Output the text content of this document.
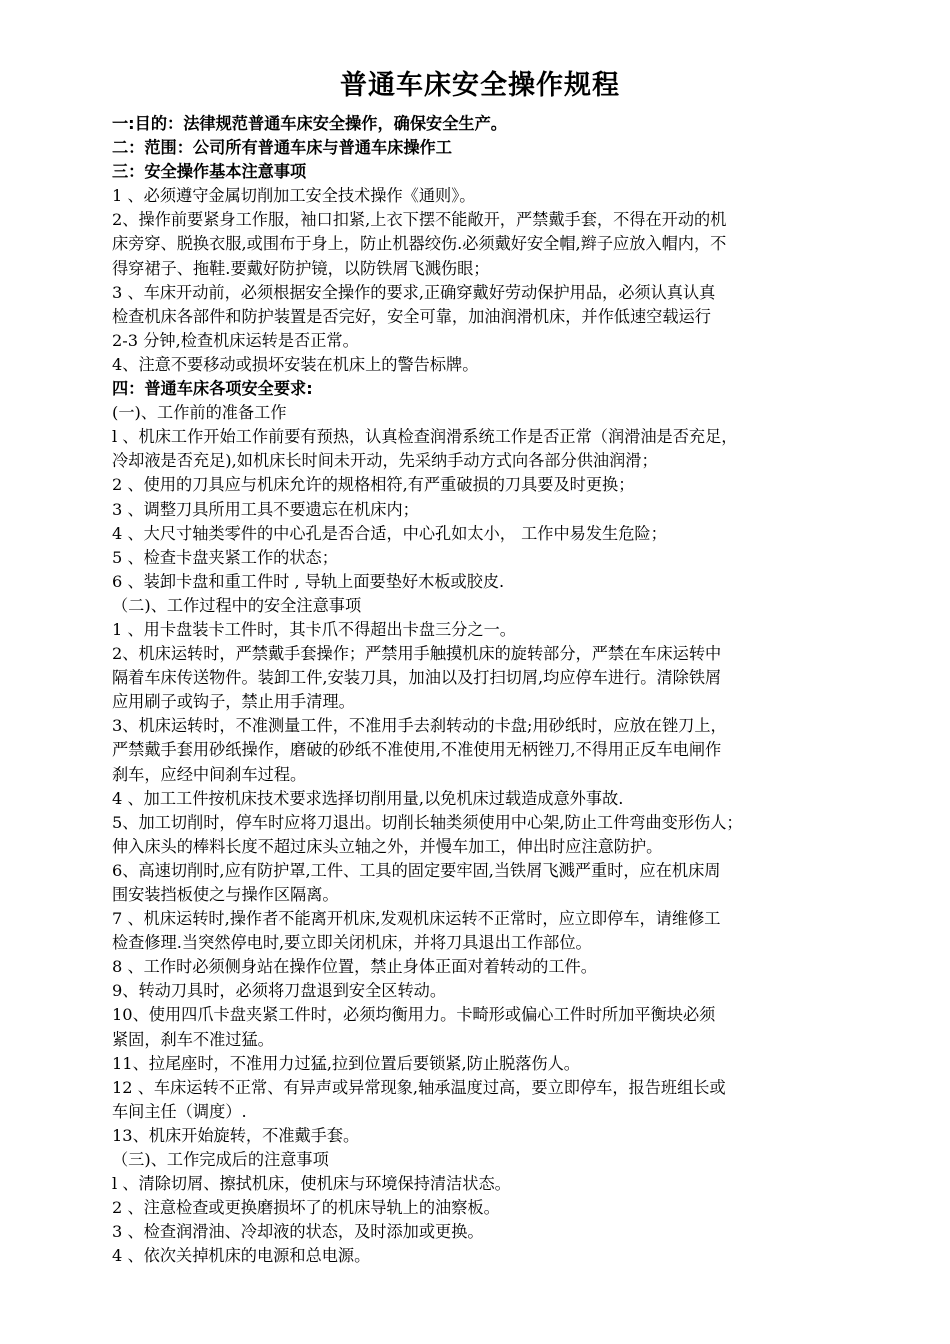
普通车床安全操作规程
一:目的：法律规范普通车床安全操作，确保安全生产。
二：范围：公司所有普通车床与普通车床操作工
三：安全操作基本注意事项
1 、必须遵守金属切削加工安全技术操作《通则》。
2、操作前要紧身工作服，袖口扣紧,上衣下摆不能敞开，严禁戴手套，不得在开动的机
床旁穿、脱换衣服,或围布于身上，防止机器绞伤.必须戴好安全帽,辫子应放入帽内，不
得穿裙子、拖鞋.要戴好防护镜，以防铁屑飞溅伤眼；
3 、车床开动前，必须根据安全操作的要求,正确穿戴好劳动保护用品，必须认真认真
检查机床各部件和防护装置是否完好，安全可靠，加油润滑机床，并作低速空载运行
2-3 分钟,检查机床运转是否正常。
4、注意不要移动或损坏安装在机床上的警告标牌。
四：普通车床各项安全要求:
(一)、工作前的准备工作
l 、机床工作开始工作前要有预热，认真检查润滑系统工作是否正常（润滑油是否充足，
冷却液是否充足),如机床长时间未开动，先采纳手动方式向各部分供油润滑；
2 、使用的刀具应与机床允许的规格相符,有严重破损的刀具要及时更换；
3 、调整刀具所用工具不要遗忘在机床内；
4 、大尺寸轴类零件的中心孔是否合适，中心孔如太小， 工作中易发生危险；
5 、检查卡盘夹紧工作的状态；
6 、装卸卡盘和重工件时 , 导轨上面要垫好木板或胶皮.
（二)、工作过程中的安全注意事项
1 、用卡盘装卡工件时，其卡爪不得超出卡盘三分之一。
2、机床运转时，严禁戴手套操作；严禁用手触摸机床的旋转部分，严禁在车床运转中
隔着车床传送物件。装卸工件,安装刀具，加油以及打扫切屑,均应停车进行。清除铁屑
应用刷子或钩子，禁止用手清理。
3、机床运转时，不准测量工件，不准用手去刹转动的卡盘;用砂纸时，应放在锉刀上，
严禁戴手套用砂纸操作，磨破的砂纸不准使用,不准使用无柄锉刀,不得用正反车电闸作
刹车，应经中间刹车过程。
4 、加工工件按机床技术要求选择切削用量,以免机床过载造成意外事故.
5、加工切削时，停车时应将刀退出。切削长轴类须使用中心架,防止工件弯曲变形伤人；
伸入床头的棒料长度不超过床头立轴之外，并慢车加工，伸出时应注意防护。
6、高速切削时,应有防护罩,工件、工具的固定要牢固,当铁屑飞溅严重时，应在机床周
围安装挡板使之与操作区隔离。
7 、机床运转时,操作者不能离开机床,发观机床运转不正常时，应立即停车，请维修工
检查修理.当突然停电时,要立即关闭机床，并将刀具退出工作部位。
8 、工作时必须侧身站在操作位置，禁止身体正面对着转动的工件。
9、转动刀具时，必须将刀盘退到安全区转动。
10、使用四爪卡盘夹紧工件时，必须均衡用力。卡畸形或偏心工件时所加平衡块必须
紧固，刹车不准过猛。
11、拉尾座时，不准用力过猛,拉到位置后要锁紧,防止脱落伤人。
12 、车床运转不正常、有异声或异常现象,轴承温度过高，要立即停车，报告班组长或
车间主任（调度）.
13、机床开始旋转，不准戴手套。
（三)、工作完成后的注意事项
l 、清除切屑、擦拭机床，使机床与环境保持清洁状态。
2 、注意检查或更换磨损坏了的机床导轨上的油察板。
3 、检查润滑油、冷却液的状态，及时添加或更换。
4 、依次关掉机床的电源和总电源。
